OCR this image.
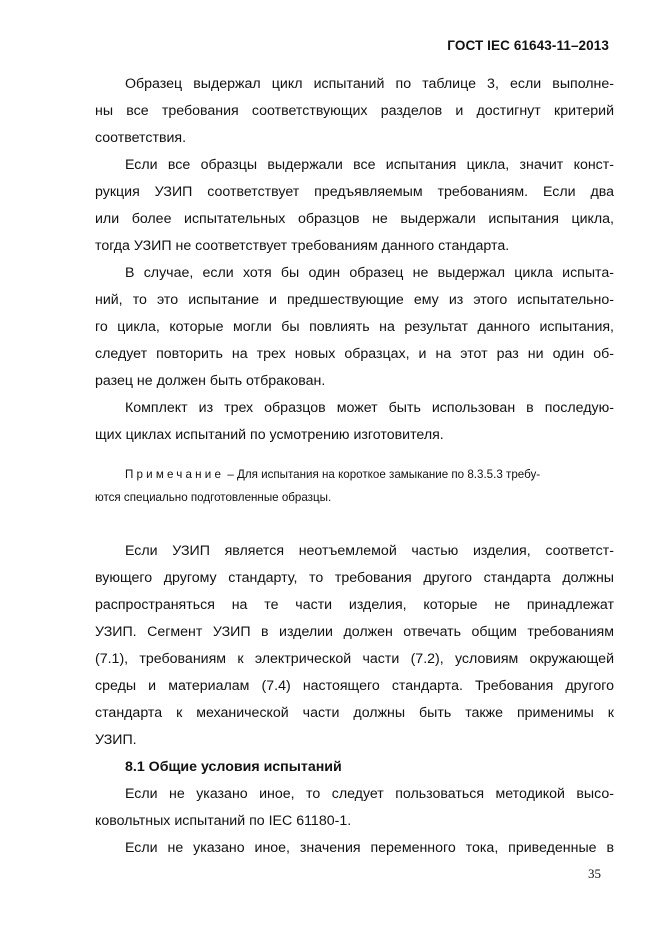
ГОСТ IEC 61643-11–2013
Образец выдержал цикл испытаний по таблице 3, если выполне-
ны все требования соответствующих разделов и достигнут критерий
соответствия.
Если все образцы выдержали все испытания цикла, значит конст-
рукция УЗИП соответствует предъявляемым требованиям. Если два
или более испытательных образцов не выдержали испытания цикла,
тогда УЗИП не соответствует требованиям данного стандарта.
В случае, если хотя бы один образец не выдержал цикла испыта-
ний, то это испытание и предшествующие ему из этого испытательно-
го цикла, которые могли бы повлиять на результат данного испытания,
следует повторить на трех новых образцах, и на этот раз ни один об-
разец не должен быть отбракован.
Комплект из трех образцов может быть использован в последую-
щих циклах испытаний по усмотрению изготовителя.
Примечание – Для испытания на короткое замыкание по 8.3.5.3 требу-
ются специально подготовленные образцы.
Если УЗИП является неотъемлемой частью изделия, соответст-
вующего другому стандарту, то требования другого стандарта должны
распространяться на те части изделия, которые не принадлежат
УЗИП. Сегмент УЗИП в изделии должен отвечать общим требованиям
(7.1), требованиям к электрической части (7.2), условиям окружающей
среды и материалам (7.4) настоящего стандарта. Требования другого
стандарта к механической части должны быть также применимы к
УЗИП.
8.1 Общие условия испытаний
Если не указано иное, то следует пользоваться методикой высо-
ковольтных испытаний по IEC 61180-1.
Если не указано иное, значения переменного тока, приведенные в
35
